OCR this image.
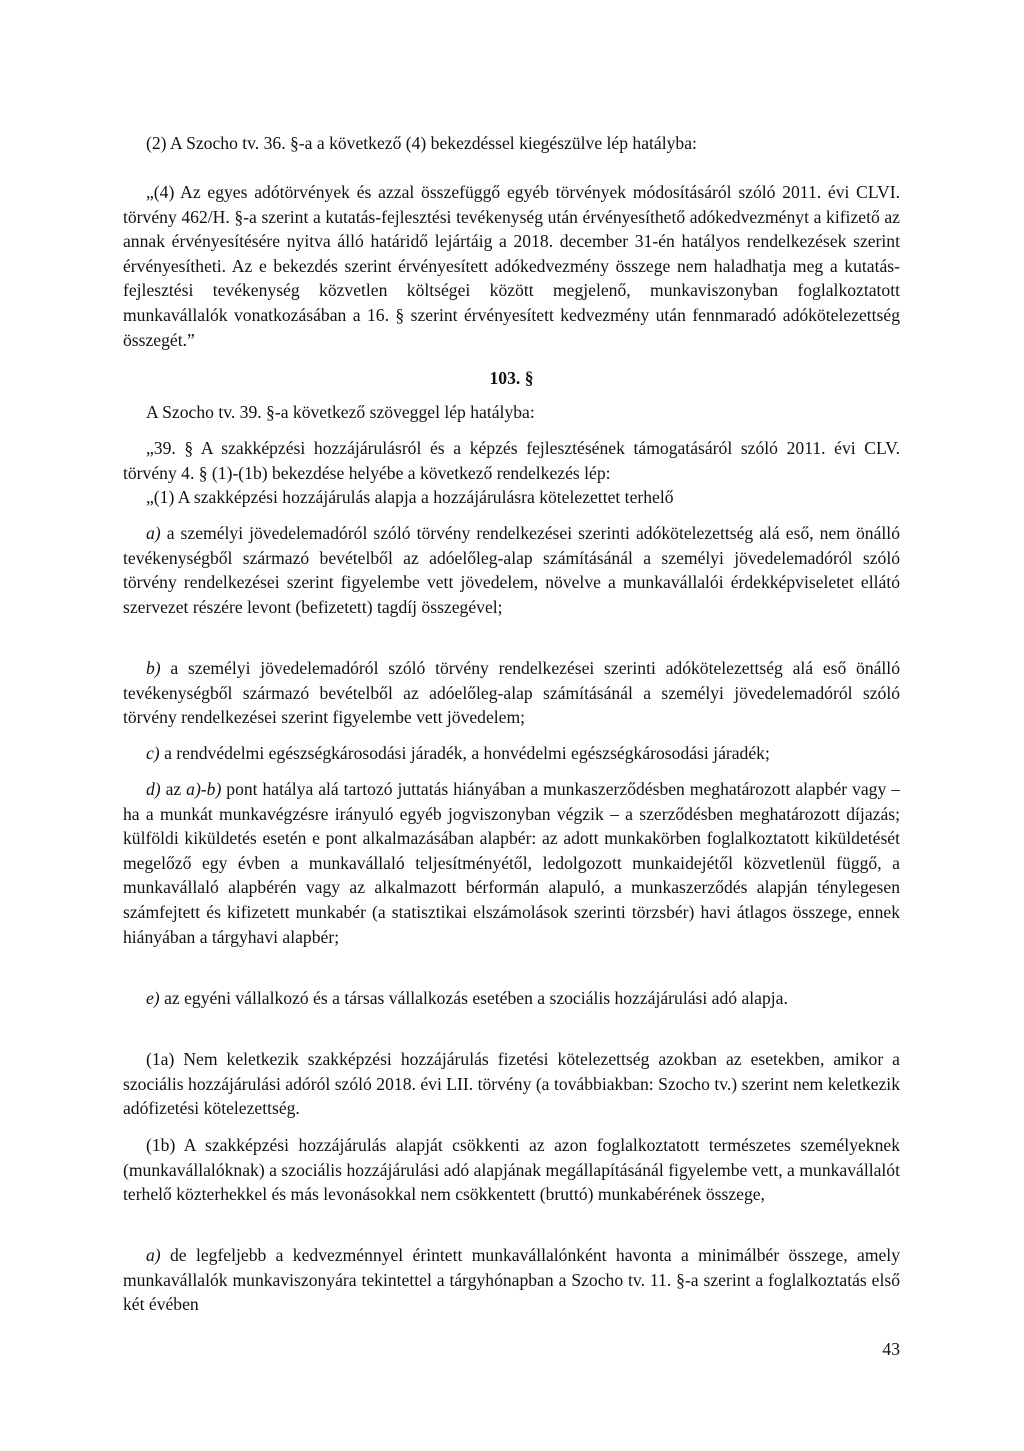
(2) A Szocho tv. 36. §-a a következő (4) bekezdéssel kiegészülve lép hatályba:

„(4) Az egyes adótörvények és azzal összefüggő egyéb törvények módosításáról szóló 2011. évi CLVI. törvény 462/H. §-a szerint a kutatás-fejlesztési tevékenység után érvényesíthető adókedvezményt a kifizető az annak érvényesítésére nyitva álló határidő lejártáig a 2018. december 31-én hatályos rendelkezések szerint érvényesítheti. Az e bekezdés szerint érvényesített adókedvezmény összege nem haladhatja meg a kutatás-fejlesztési tevékenység közvetlen költségei között megjelenő, munkaviszonyban foglalkoztatott munkavállalók vonatkozásában a 16. § szerint érvényesített kedvezmény után fennmaradó adókötelezettség összegét.”

103. §

A Szocho tv. 39. §-a következő szöveggel lép hatályba:

„39. § A szakképzési hozzájárulásról és a képzés fejlesztésének támogatásáról szóló 2011. évi CLV. törvény 4. § (1)-(1b) bekezdése helyébe a következő rendelkezés lép:

„(1) A szakképzési hozzájárulás alapja a hozzájárulásra kötelezettet terhelő

a) a személyi jövedelemadóról szóló törvény rendelkezései szerinti adókötelezettség alá eső, nem önálló tevékenységből származó bevételből az adóelőleg-alap számításánál a személyi jövedelemadóról szóló törvény rendelkezései szerint figyelembe vett jövedelem, növelve a munkavállalói érdekképviseletet ellátó szervezet részére levont (befizetett) tagdíj összegével;

b) a személyi jövedelemadóról szóló törvény rendelkezései szerinti adókötelezettség alá eső önálló tevékenységből származó bevételből az adóelőleg-alap számításánál a személyi jövedelemadóról szóló törvény rendelkezései szerint figyelembe vett jövedelem;

c) a rendvédelmi egészségkárosodási járadék, a honvédelmi egészségkárosodási járadék;

d) az a)-b) pont hatálya alá tartozó juttatás hiányában a munkaszerződésben meghatározott alapbér vagy – ha a munkát munkavégzésre irányuló egyéb jogviszonyban végzik – a szerződésben meghatározott díjazás; külföldi kiküldetés esetén e pont alkalmazásában alapbér: az adott munkakörben foglalkoztatott kiküldetését megelőző egy évben a munkavállaló teljesítményétől, ledolgozott munkaidejétől közvetlenül függő, a munkavállaló alapbérén vagy az alkalmazott bérformán alapuló, a munkaszerződés alapján ténylegesen számfejtett és kifizetett munkabér (a statisztikai elszámolások szerinti törzsbér) havi átlagos összege, ennek hiányában a tárgyhavi alapbér;

e) az egyéni vállalkozó és a társas vállalkozás esetében a szociális hozzájárulási adó alapja.

(1a) Nem keletkezik szakképzési hozzájárulás fizetési kötelezettség azokban az esetekben, amikor a szociális hozzájárulási adóról szóló 2018. évi LII. törvény (a továbbiakban: Szocho tv.) szerint nem keletkezik adófizetési kötelezettség.

(1b) A szakképzési hozzájárulás alapját csökkenti az azon foglalkoztatott természetes személyeknek (munkavállalóknak) a szociális hozzájárulási adó alapjának megállapításánál figyelembe vett, a munkavállalót terhelő közterhekkel és más levonásokkal nem csökkentett (bruttó) munkabérének összege,

a) de legfeljebb a kedvezménnyel érintett munkavállalónként havonta a minimálbér összege, amely munkavállalók munkaviszonyára tekintettel a tárgyhónapban a Szocho tv. 11. §-a szerint a foglalkoztatás első két évében

43
